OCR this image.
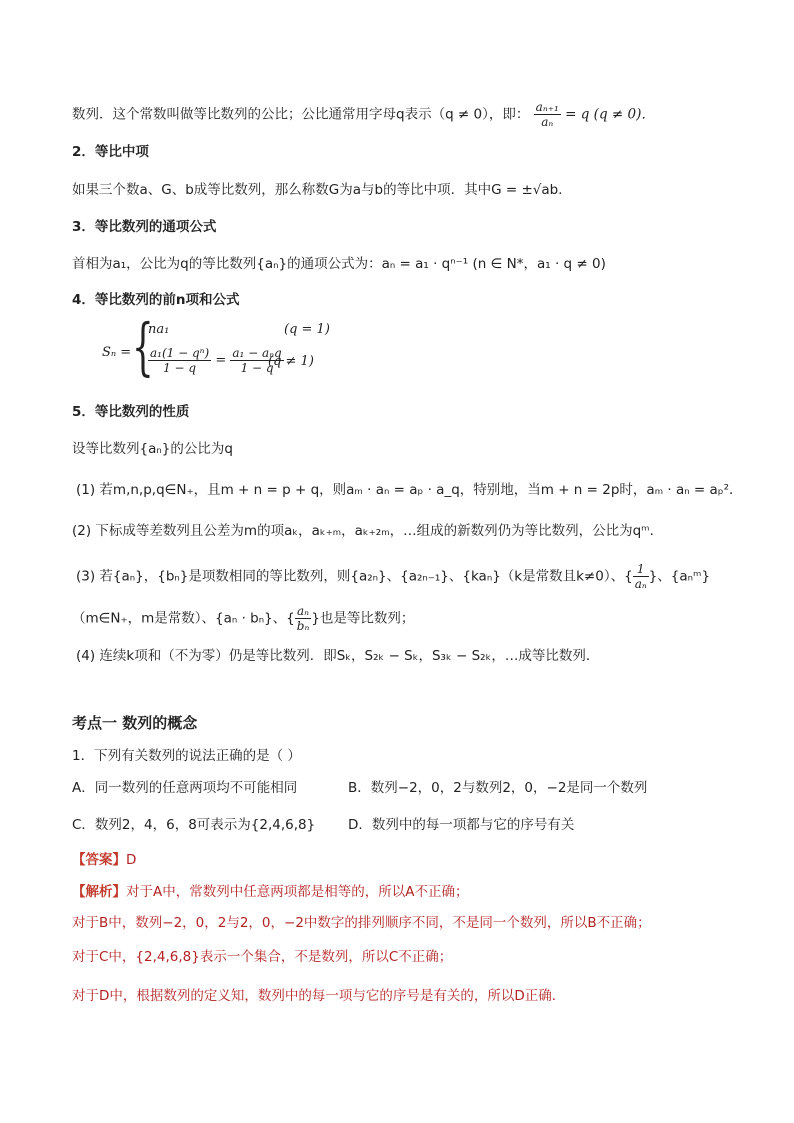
数列．这个常数叫做等比数列的公比；公比通常用字母q表示（q ≠ 0），即： $\frac{\text{aₙ₊₁}}{\text{aₙ}} = q$ (q ≠ 0)．
2．等比中项
如果三个数a、G、b成等比数列，那么称数G为a与b的等比中项．其中G = ±√ab．
3．等比数列的通项公式
首相为a₁，公比为q的等比数列{aₙ}的通项公式为：aₙ = a₁ · qⁿ⁻¹ (n ∈ N*，a₁ · q ≠ 0)
4．等比数列的前n项和公式
Sₙ = {
na₁	(q = 1)
$\frac{\text{a₁(1 − qⁿ)}}{1 - q} = \frac{\text{a₁ − aₙq}}{1 - q}$
(q ≠ 1)
5．等比数列的性质
设等比数列{aₙ}的公比为q
(1) 若m,n,p,q∈N₊，且m + n = p + q，则aₘ · aₙ = aₚ · a_q，特别地，当m + n = 2p时，aₘ · aₙ = aₚ²．
(2) 下标成等差数列且公差为m的项aₖ，aₖ₊ₘ，aₖ₊₂ₘ，…组成的新数列仍为等比数列，公比为qᵐ．
(3) 若{aₙ}，{bₙ}是项数相同的等比数列，则{a₂ₙ}、{a₂ₙ₋₁}、{kaₙ}（k是常数且k≠0）、{ $\frac{1}{\text{aₙ}}$ }、{aₙᵐ}
（m∈N₊，m是常数）、{aₙ · bₙ}、{ $\frac{\text{aₙ}}{\text{bₙ}}$ }也是等比数列；
(4) 连续k项和（不为零）仍是等比数列．即Sₖ，S₂ₖ − Sₖ，S₃ₖ − S₂ₖ，…成等比数列．
考点一 数列的概念
1．下列有关数列的说法正确的是（ ）
A．同一数列的任意两项均不可能相同	B．数列−2，0，2与数列2，0，−2是同一个数列
C．数列2，4，6，8可表示为{2,4,6,8} D．数列中的每一项都与它的序号有关
【答案】D
【解析】对于A中，常数列中任意两项都是相等的，所以A不正确；
对于B中，数列−2，0，2与2，0，−2中数字的排列顺序不同，不是同一个数列，所以B不正确；
对于C中，{2,4,6,8}表示一个集合，不是数列，所以C不正确；
对于D中，根据数列的定义知，数列中的每一项与它的序号是有关的，所以D正确.
